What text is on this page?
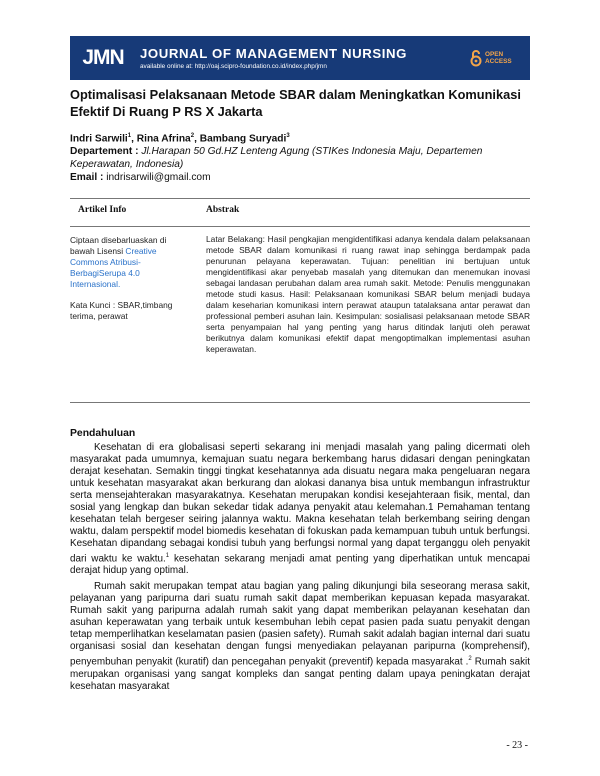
JMN	JOURNAL OF MANAGEMENT NURSING
available online at: http://oaj.scipro-foundation.co.id/index.php/jmn
OPEN
ACCESS
Optimalisasi Pelaksanaan Metode SBAR dalam Meningkatkan Komunikasi Efektif Di Ruang P RS X Jakarta
Indri Sarwili$^1$, Rina Afrina$^2$, Bambang Suryadi$^3$
Departement : Jl.Harapan 50 Gd.HZ Lenteng Agung (STIKes Indonesia Maju, Departemen Keperawatan, Indonesia)
Email : indrisarwili@gmail.com
Artikel Info	Abstrak

Ciptaan disebarluaskan di bawah Lisensi Creative Commons Atribusi-BerbagiSerupa 4.0 Internasional.

Kata Kunci : SBAR,timbang terima, perawat

Latar Belakang: Hasil pengkajian mengidentifikasi adanya kendala dalam pelaksanaan metode SBAR dalam komunikasi ri ruang rawat inap sehingga berdampak pada penurunan pelayana keperawatan. Tujuan: penelitian ini bertujuan untuk mengidentifikasi akar penyebab masalah yang ditemukan dan menemukan inovasi sebagai landasan perubahan dalam area rumah sakit. Metode: Penulis menggunakan metode studi kasus. Hasil: Pelaksanaan komunikasi SBAR belum menjadi budaya dalam keseharian komunikasi intern perawat ataupun tatalaksana antar perawat dan professional pemberi asuhan lain. Kesimpulan: sosialisasi pelaksanaan metode SBAR serta penyampaian hal yang penting yang harus ditindak lanjuti oleh perawat berikutnya dalam komunikasi efektif dapat mengoptimalkan implementasi asuhan keperawatan.
Pendahuluan

Kesehatan di era globalisasi seperti sekarang ini menjadi masalah yang paling dicermati oleh masyarakat pada umumnya, kemajuan suatu negara berkembang harus didasari dengan peningkatan derajat kesehatan. Semakin tinggi tingkat kesehatannya ada disuatu negara maka pengeluaran negara untuk kesehatan masyarakat akan berkurang dan alokasi dananya bisa untuk membangun infrastruktur serta mensejahterakan masyarakatnya. Kesehatan merupakan kondisi kesejahteraan fisik, mental, dan sosial yang lengkap dan bukan sekedar tidak adanya penyakit atau kelemahan.1 Pemahaman tentang kesehatan telah bergeser seiring jalannya waktu. Makna kesehatan telah berkembang seiring dengan waktu, dalam perspektif model biomedis kesehatan di fokuskan pada kemampuan tubuh untuk berfungsi. Kesehatan dipandang sebagai kondisi tubuh yang berfungsi normal yang dapat terganggu oleh penyakit dari waktu ke waktu.$^1$ kesehatan sekarang menjadi amat penting yang diperhatikan untuk mencapai derajat hidup yang optimal.

Rumah sakit merupakan tempat atau bagian yang paling dikunjungi bila seseorang merasa sakit, pelayanan yang paripurna dari suatu rumah sakit dapat memberikan kepuasan kepada masyarakat. Rumah sakit yang paripurna adalah rumah sakit yang dapat memberikan pelayanan kesehatan dan asuhan keperawatan yang terbaik untuk kesembuhan lebih cepat pasien pada suatu penyakit dengan tetap memperlihatkan keselamatan pasien (pasien safety). Rumah sakit adalah bagian internal dari suatu organisasi sosial dan kesehatan dengan fungsi menyediakan pelayanan paripurna (komprehensif), penyembuhan penyakit (kuratif) dan pencegahan penyakit (preventif) kepada masyarakat .$^2$ Rumah sakit merupakan organisasi yang sangat kompleks dan sangat penting dalam upaya peningkatan derajat kesehatan masyarakat

- 23 -
